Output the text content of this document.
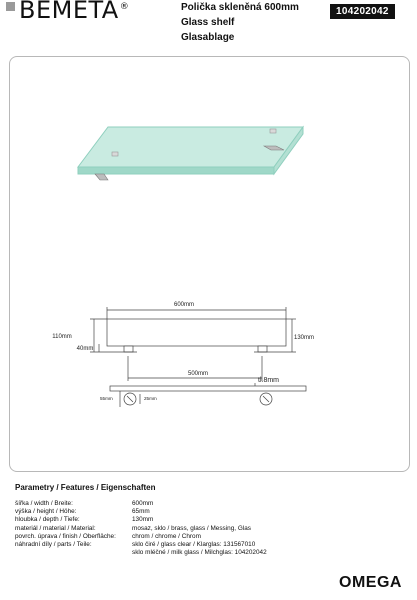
BEMETA®	Polička skleněná 600mm
Glass shelf
Glasablage
104202042
600mm
110mm
40mm
130mm
500mm
tl.8mm
55mm	25mm
Parametry / Features / Eigenschaften
šířka / width / Breite:	600mm
výška / height / Höhe:	65mm
hloubka / depth / Tiefe:	130mm
materiál / material / Material:	mosaz, sklo / brass, glass / Messing, Glas
povrch. úprava / finish / Oberfläche:	chrom / chrome / Chrom
náhradní díly / parts / Teile:	sklo čiré / glass clear / Klarglas: 131567010
sklo mléčné / milk glass / Milchglas: 104202042
OMEGA
